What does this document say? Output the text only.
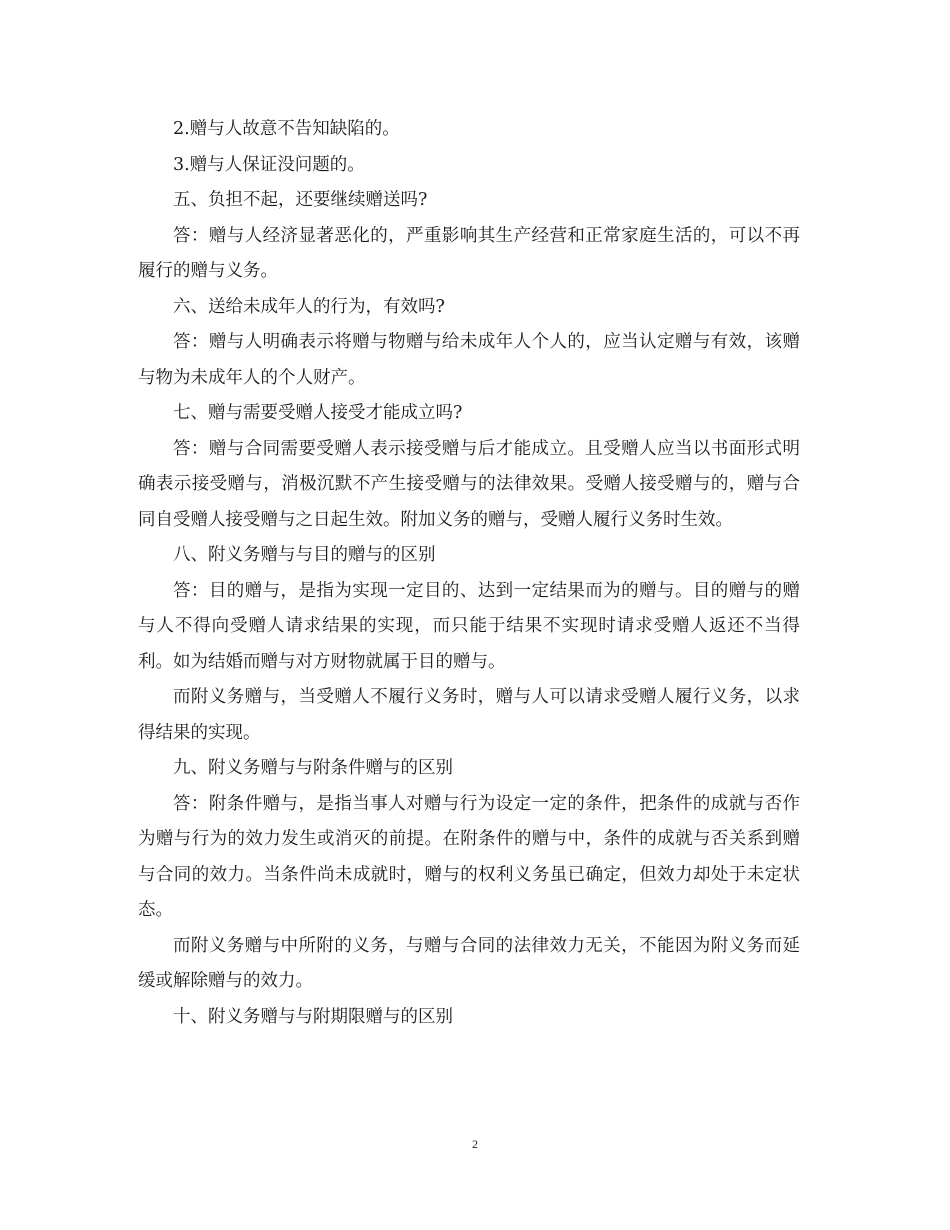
2.赠与人故意不告知缺陷的。

3.赠与人保证没问题的。

五、负担不起，还要继续赠送吗?

答：赠与人经济显著恶化的，严重影响其生产经营和正常家庭生活的，可以不再履行的赠与义务。

六、送给未成年人的行为，有效吗?

答：赠与人明确表示将赠与物赠与给未成年人个人的，应当认定赠与有效，该赠与物为未成年人的个人财产。

七、赠与需要受赠人接受才能成立吗?

答：赠与合同需要受赠人表示接受赠与后才能成立。且受赠人应当以书面形式明确表示接受赠与，消极沉默不产生接受赠与的法律效果。受赠人接受赠与的，赠与合同自受赠人接受赠与之日起生效。附加义务的赠与，受赠人履行义务时生效。

八、附义务赠与与目的赠与的区别

答：目的赠与，是指为实现一定目的、达到一定结果而为的赠与。目的赠与的赠与人不得向受赠人请求结果的实现，而只能于结果不实现时请求受赠人返还不当得利。如为结婚而赠与对方财物就属于目的赠与。

而附义务赠与，当受赠人不履行义务时，赠与人可以请求受赠人履行义务，以求得结果的实现。

九、附义务赠与与附条件赠与的区别

答：附条件赠与，是指当事人对赠与行为设定一定的条件，把条件的成就与否作为赠与行为的效力发生或消灭的前提。在附条件的赠与中，条件的成就与否关系到赠与合同的效力。当条件尚未成就时，赠与的权利义务虽已确定，但效力却处于未定状态。

而附义务赠与中所附的义务，与赠与合同的法律效力无关，不能因为附义务而延缓或解除赠与的效力。

十、附义务赠与与附期限赠与的区别

2
